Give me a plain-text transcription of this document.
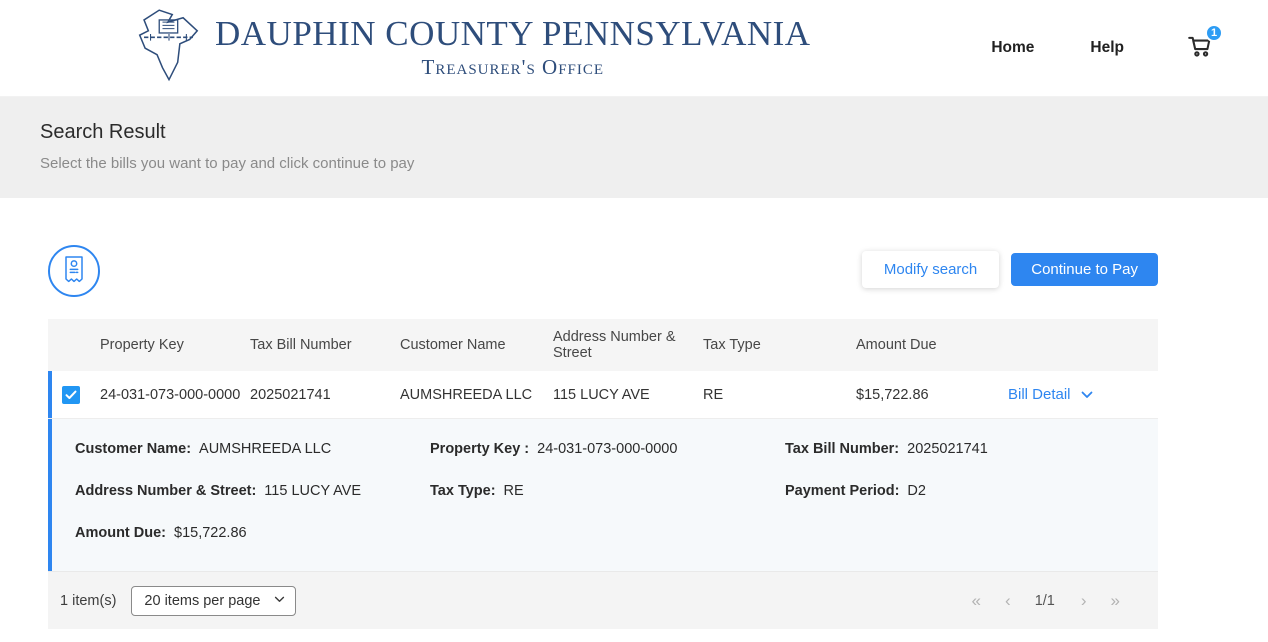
DAUPHIN COUNTY PENNSYLVANIA
Treasurer's Office
Home	Help
1
Search Result
Select the bills you want to pay and click continue to pay
Modify search	Continue to Pay
Property Key	Tax Bill Number	Customer Name	Address Number & Street	Tax Type	Amount Due
24-031-073-000-0000 2025021741	AUMSHREEDA LLC	115 LUCY AVE	RE	$15,722.86	Bill Detail
Customer Name: AUMSHREEDA LLC	Property Key : 24-031-073-000-0000	Tax Bill Number: 2025021741
Address Number & Street: 115 LUCY AVE	Tax Type: RE	Payment Period: D2
Amount Due: $15,722.86
1 item(s)
20 items per page	« ‹ 1/1 › »
